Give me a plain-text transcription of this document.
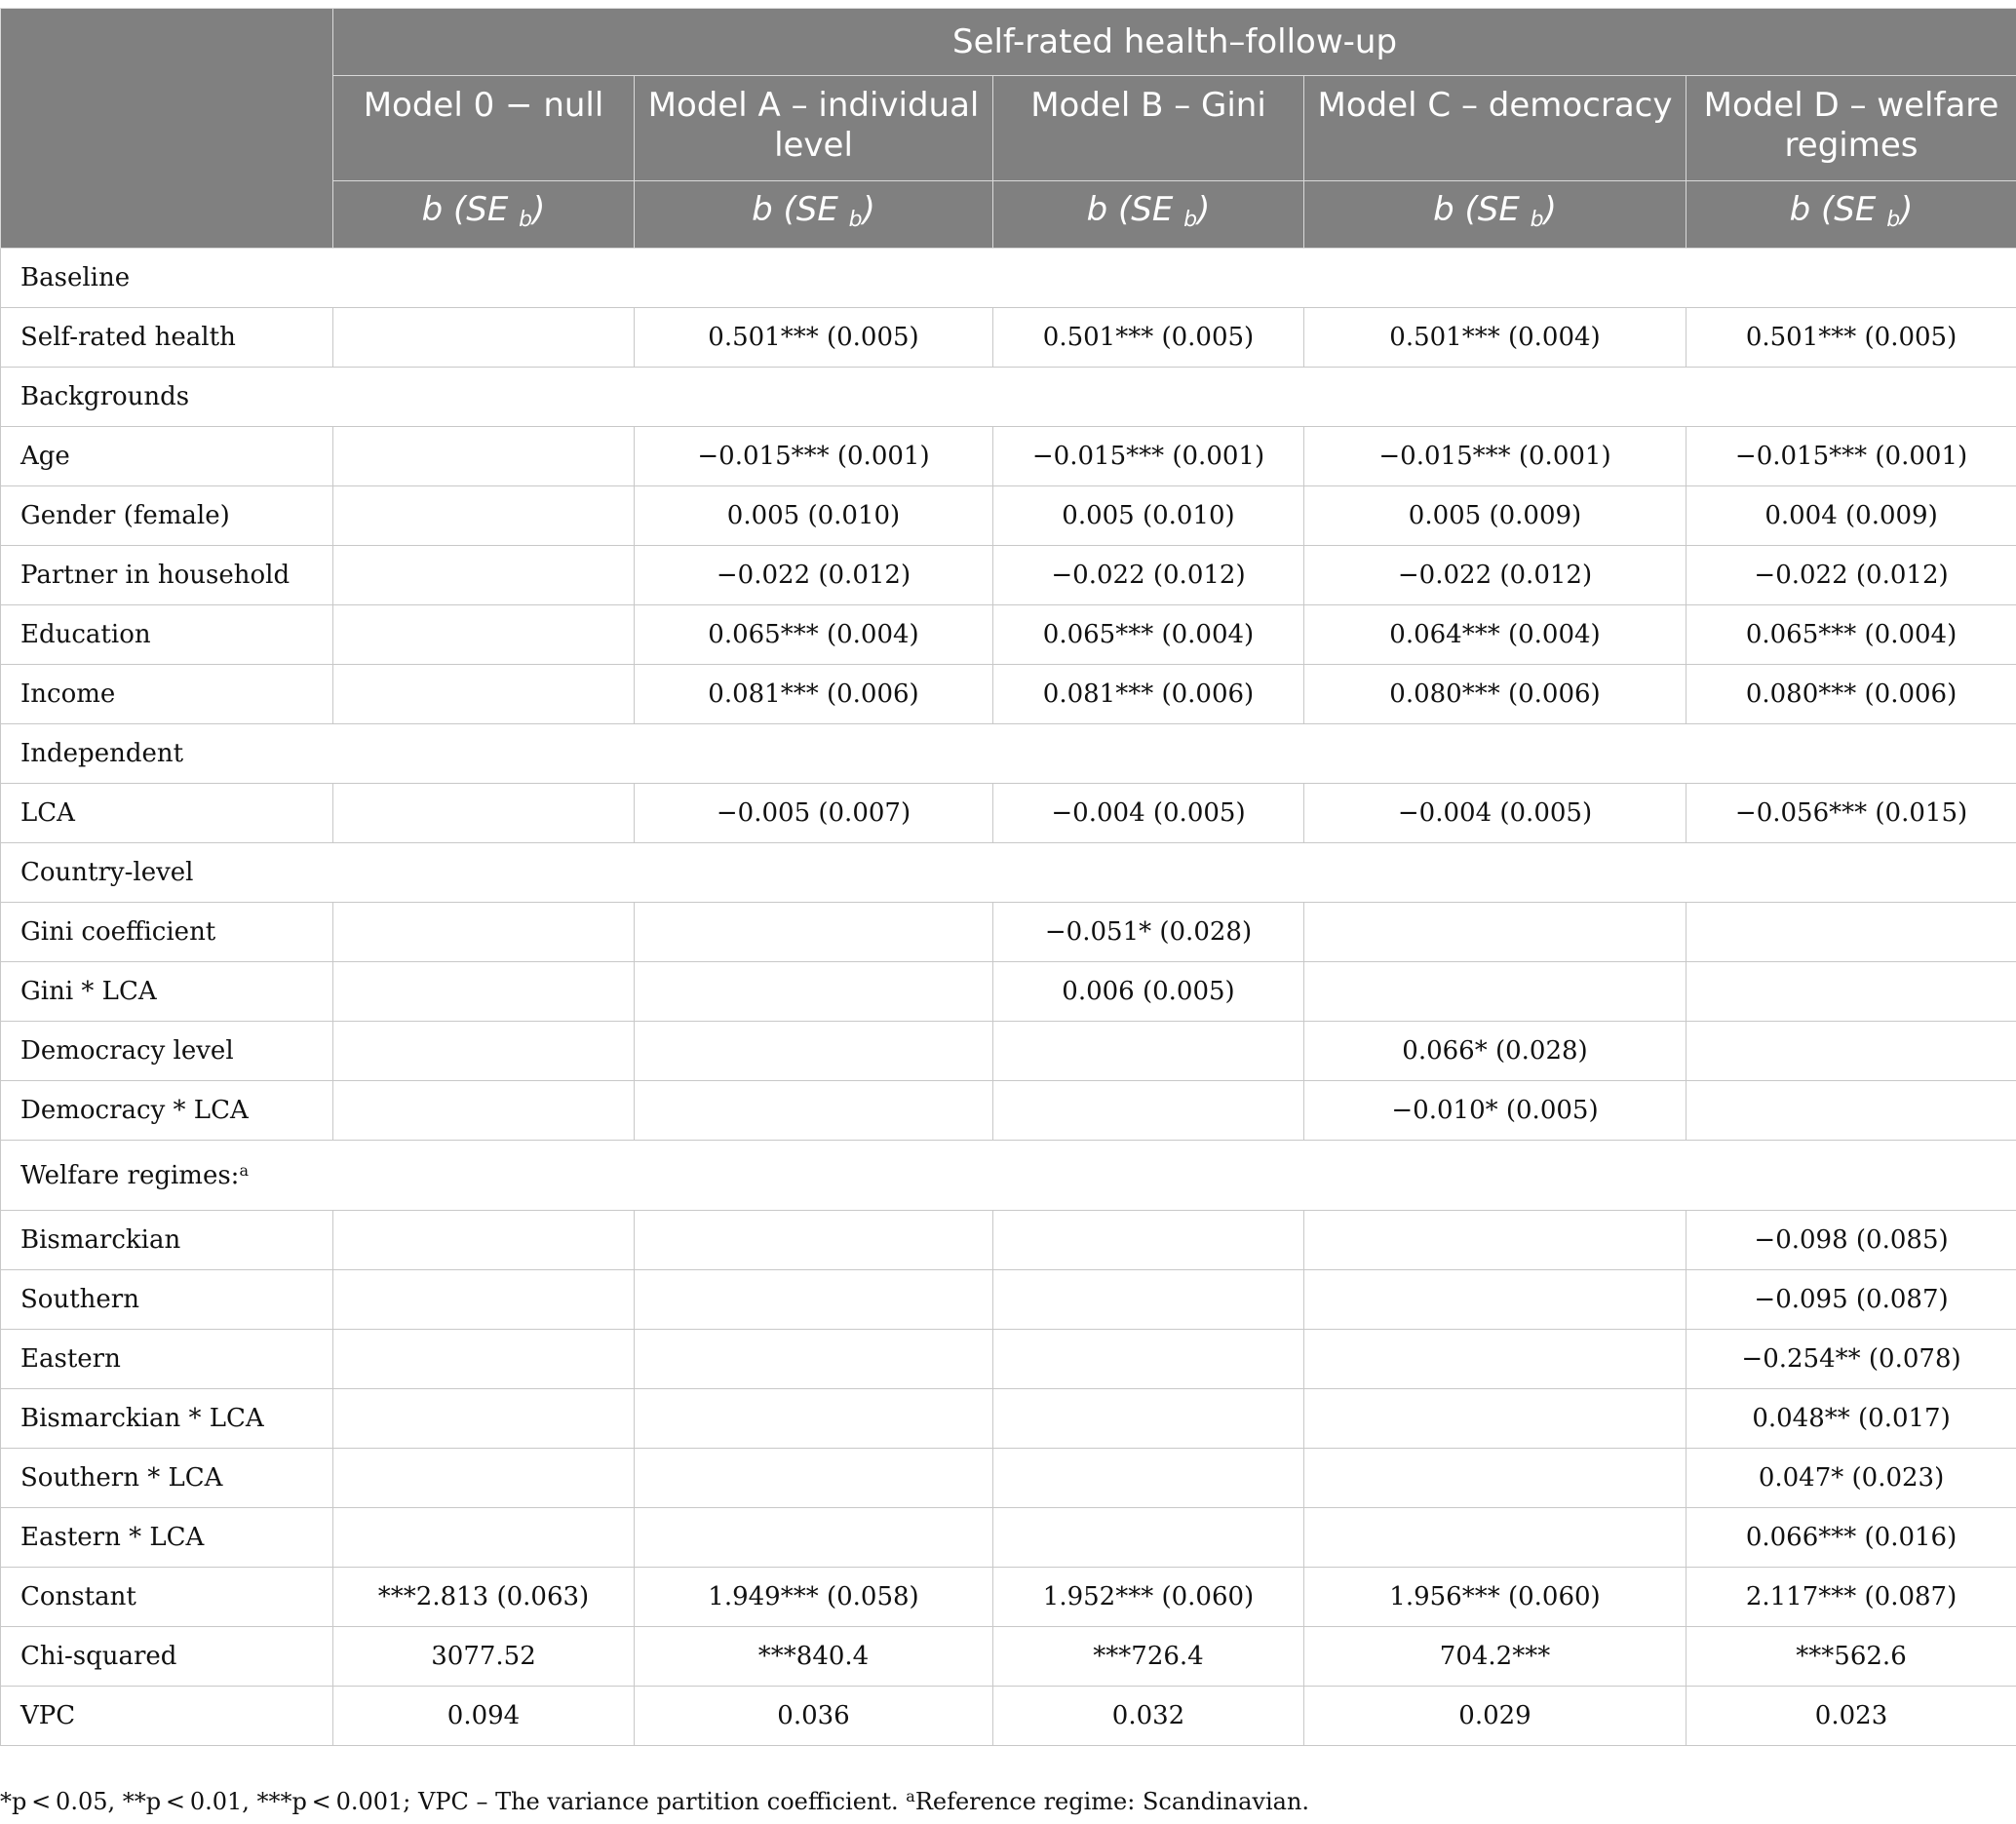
	Self-rated health–follow-up				
	Model 0 − null	Model A – individual level	Model B – Gini	Model C – democracy	Model D – welfare regimes
	b (SE $_b$)	b (SE $_b$)	b (SE $_b$)	b (SE $_b$)	b (SE $_b$)
Baseline					
Self-rated health		0.501*** (0.005)	0.501*** (0.005)	0.501*** (0.004)	0.501*** (0.005)
Backgrounds					
Age		−0.015*** (0.001)	−0.015*** (0.001)	−0.015*** (0.001)	−0.015*** (0.001)
Gender (female)		0.005 (0.010)	0.005 (0.010)	0.005 (0.009)	0.004 (0.009)
Partner in household		−0.022 (0.012)	−0.022 (0.012)	−0.022 (0.012)	−0.022 (0.012)
Education		0.065*** (0.004)	0.065*** (0.004)	0.064*** (0.004)	0.065*** (0.004)
Income		0.081*** (0.006)	0.081*** (0.006)	0.080*** (0.006)	0.080*** (0.006)
Independent					
LCA		−0.005 (0.007)	−0.004 (0.005)	−0.004 (0.005)	−0.056*** (0.015)
Country-level					
Gini coefficient			−0.051* (0.028)		
Gini * LCA			0.006 (0.005)		
Democracy level				0.066* (0.028)	
Democracy * LCA				−0.010* (0.005)	
Welfare regimes:$^a$
Bismarckian					−0.098 (0.085)
Southern					−0.095 (0.087)
Eastern					−0.254** (0.078)
Bismarckian * LCA					0.048** (0.017)
Southern * LCA					0.047* (0.023)
Eastern * LCA					0.066*** (0.016)
Constant	***2.813 (0.063)	1.949*** (0.058)	1.952*** (0.060)	1.956*** (0.060)	2.117*** (0.087)
Chi-squared	3077.52	***840.4	***726.4	704.2***	***562.6
VPC	0.094	0.036	0.032	0.029	0.023
*p < 0.05, **p < 0.01, ***p < 0.001; VPC – The variance partition coefficient. $^a$Reference regime: Scandinavian.
